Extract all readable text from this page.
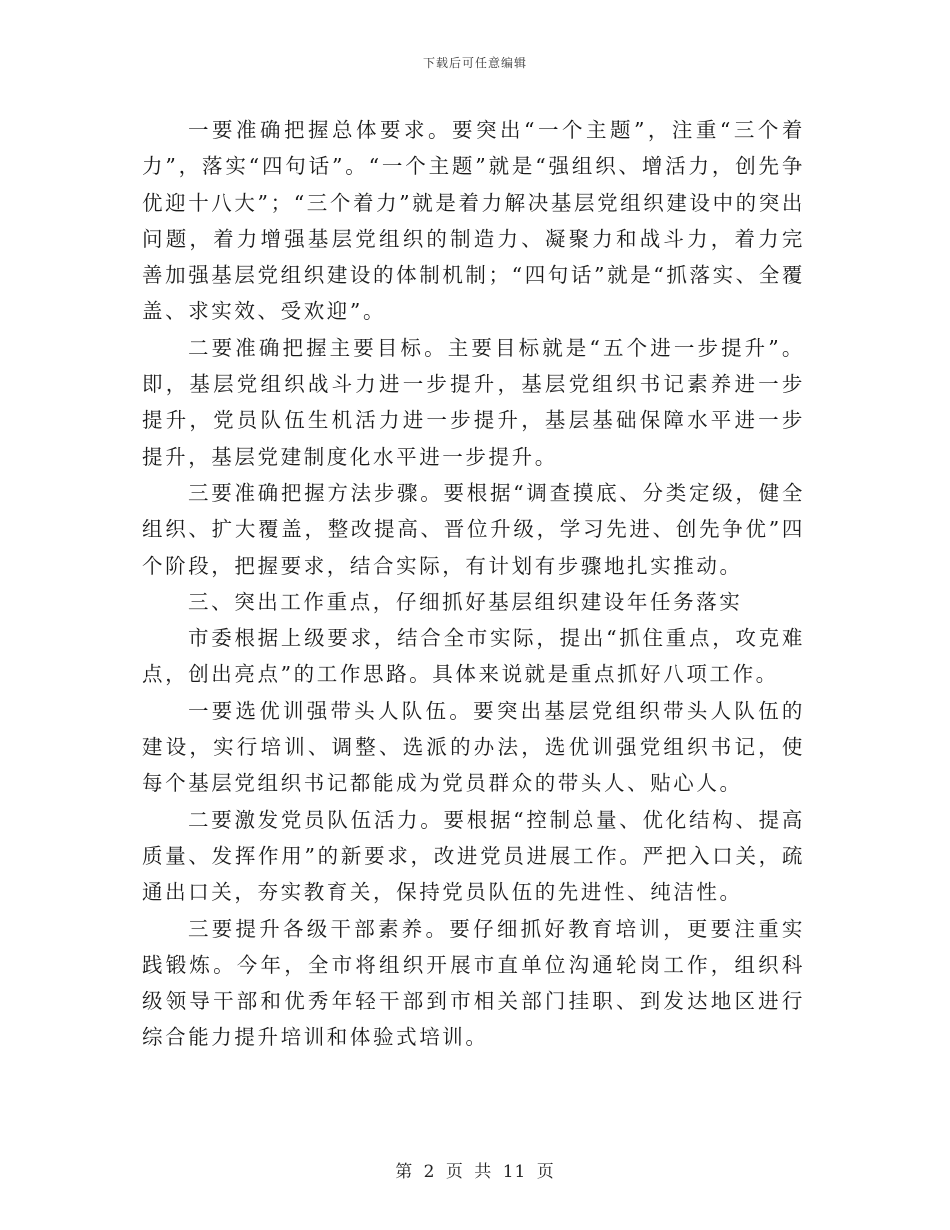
下载后可任意编辑

一要准确把握总体要求。要突出“一个主题”，注重“三个着力”，落实“四句话”。“一个主题”就是“强组织、增活力，创先争优迎十八大”；“三个着力”就是着力解决基层党组织建设中的突出问题，着力增强基层党组织的制造力、凝聚力和战斗力，着力完善加强基层党组织建设的体制机制；“四句话”就是“抓落实、全覆盖、求实效、受欢迎”。

二要准确把握主要目标。主要目标就是“五个进一步提升”。即，基层党组织战斗力进一步提升，基层党组织书记素养进一步提升，党员队伍生机活力进一步提升，基层基础保障水平进一步提升，基层党建制度化水平进一步提升。

三要准确把握方法步骤。要根据“调查摸底、分类定级，健全组织、扩大覆盖，整改提高、晋位升级，学习先进、创先争优”四个阶段，把握要求，结合实际，有计划有步骤地扎实推动。

三、突出工作重点，仔细抓好基层组织建设年任务落实

市委根据上级要求，结合全市实际，提出“抓住重点，攻克难点，创出亮点”的工作思路。具体来说就是重点抓好八项工作。

一要选优训强带头人队伍。要突出基层党组织带头人队伍的建设，实行培训、调整、选派的办法，选优训强党组织书记，使每个基层党组织书记都能成为党员群众的带头人、贴心人。

二要激发党员队伍活力。要根据“控制总量、优化结构、提高质量、发挥作用”的新要求，改进党员进展工作。严把入口关，疏通出口关，夯实教育关，保持党员队伍的先进性、纯洁性。

三要提升各级干部素养。要仔细抓好教育培训，更要注重实践锻炼。今年，全市将组织开展市直单位沟通轮岗工作，组织科级领导干部和优秀年轻干部到市相关部门挂职、到发达地区进行综合能力提升培训和体验式培训。

第 2 页 共 11 页
